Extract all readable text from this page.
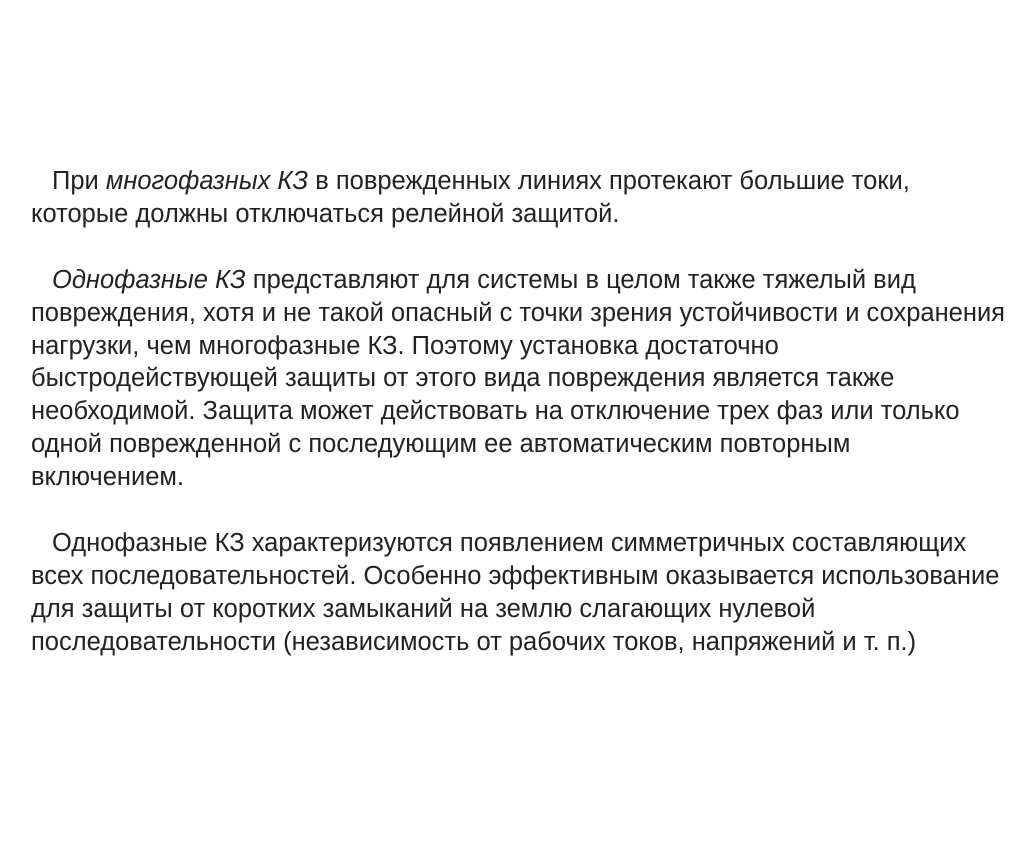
При многофазных КЗ в поврежденных линиях протекают большие токи, которые должны отключаться релейной защитой.

Однофазные КЗ представляют для системы в целом также тяжелый вид повреждения, хотя и не такой опасный с точки зрения устойчивости и сохранения нагрузки, чем многофазные КЗ. Поэтому установка достаточно быстродействующей защиты от этого вида повреждения является также необходимой. Защита может действовать на отключение трех фаз или только одной поврежденной с последующим ее автоматическим повторным включением.

Однофазные КЗ характеризуются появлением симметричных составляющих всех последовательностей. Особенно эффективным оказывается использование для защиты от коротких замыканий на землю слагающих нулевой последовательности (независимость от рабочих токов, напряжений и т. п.)
